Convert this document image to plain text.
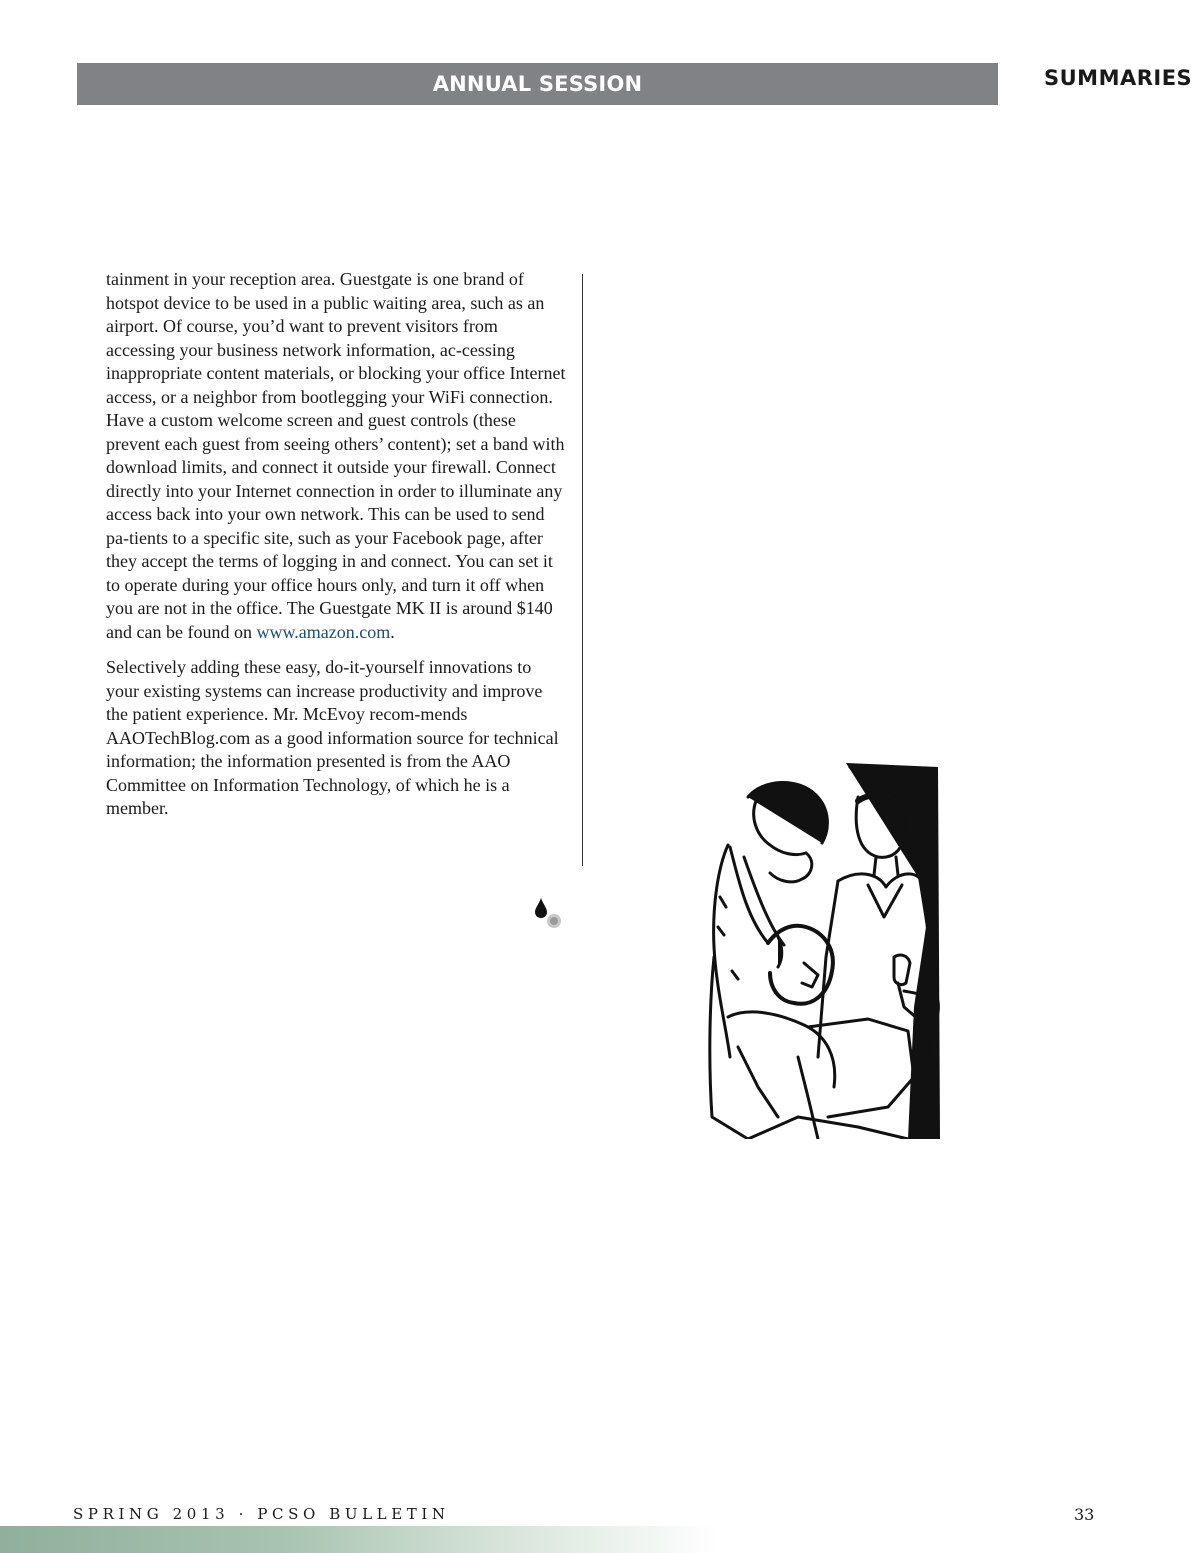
ANNUAL SESSION	SUMMARIES

tainment in your reception area. Guestgate is one brand of hotspot device to be used in a public waiting area, such as an airport. Of course, you’d want to prevent visitors from accessing your business network information, ac-cessing inappropriate content materials, or blocking your office Internet access, or a neighbor from bootlegging your WiFi connection. Have a custom welcome screen and guest controls (these prevent each guest from seeing others’ content); set a band with download limits, and connect it outside your firewall. Connect directly into your Internet connection in order to illuminate any access back into your own network. This can be used to send pa-tients to a specific site, such as your Facebook page, after they accept the terms of logging in and connect. You can set it to operate during your office hours only, and turn it off when you are not in the office. The Guestgate MK II is around $140 and can be found on www.amazon.com.

Selectively adding these easy, do-it-yourself innovations to your existing systems can increase productivity and improve the patient experience. Mr. McEvoy recom-mends AAOTechBlog.com as a good information source for technical information; the information presented is from the AAO Committee on Information Technology, of which he is a member.

SPRING 2013 · PCSO BULLETIN	33
